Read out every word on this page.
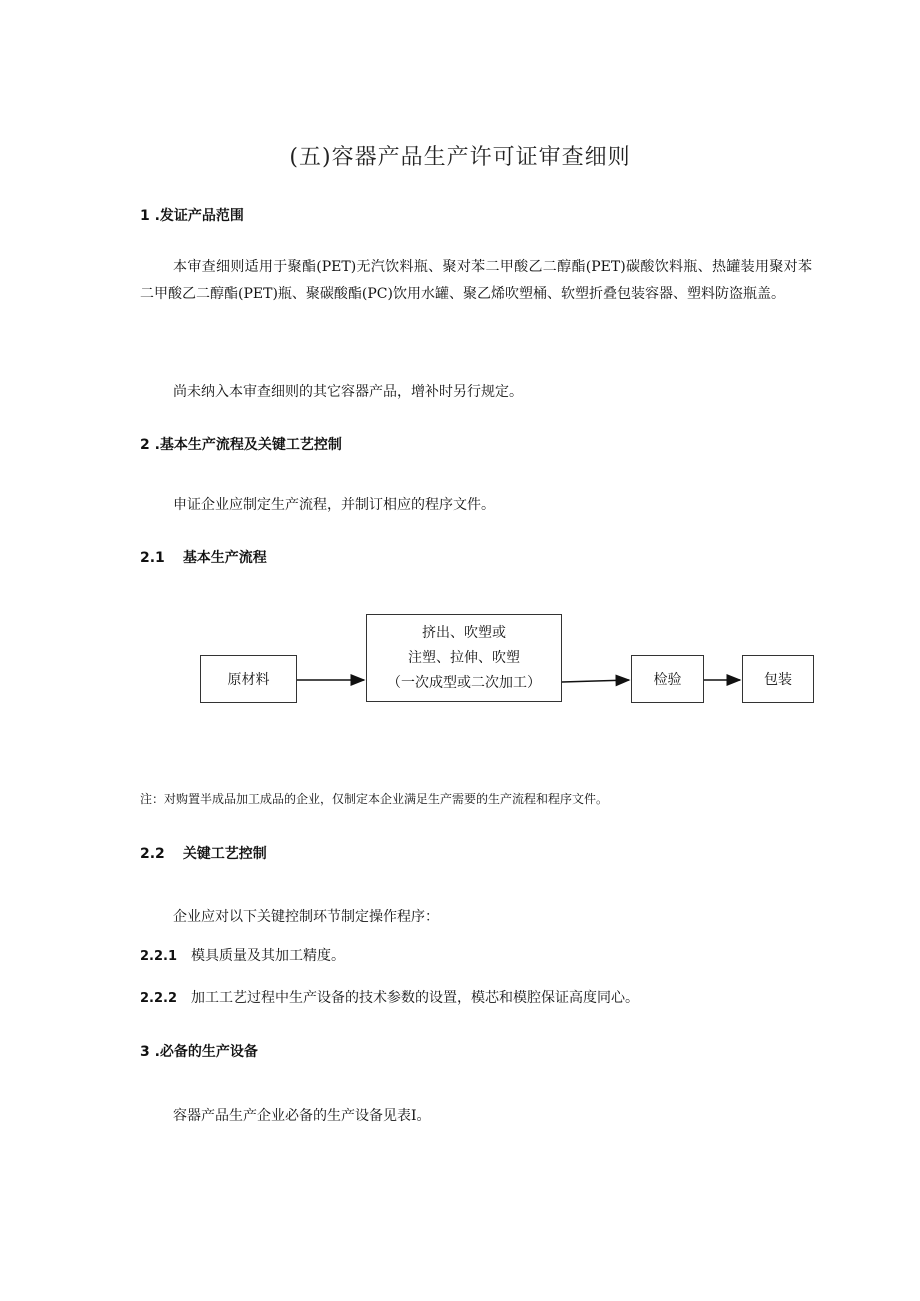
(五)容器产品生产许可证审查细则
1 .发证产品范围
本审查细则适用于聚酯(PET)无汽饮料瓶、聚对苯二甲酸乙二醇酯(PET)碳酸饮料瓶、热罐装用聚对苯二甲酸乙二醇酯(PET)瓶、聚碳酸酯(PC)饮用水罐、聚乙烯吹塑桶、软塑折叠包装容器、塑料防盗瓶盖。
尚未纳入本审查细则的其它容器产品，增补时另行规定。
2 .基本生产流程及关键工艺控制
申证企业应制定生产流程，并制订相应的程序文件。
2.1 基本生产流程
原材料
挤出、吹塑或
注塑、拉伸、吹塑
（一次成型或二次加工）	检验	包装
注：对购置半成品加工成品的企业，仅制定本企业满足生产需要的生产流程和程序文件。
2.2 关键工艺控制
企业应对以下关键控制环节制定操作程序：
2.2.1 模具质量及其加工精度。
2.2.2 加工工艺过程中生产设备的技术参数的设置，模芯和模腔保证高度同心。
3 .必备的生产设备
容器产品生产企业必备的生产设备见表I。
